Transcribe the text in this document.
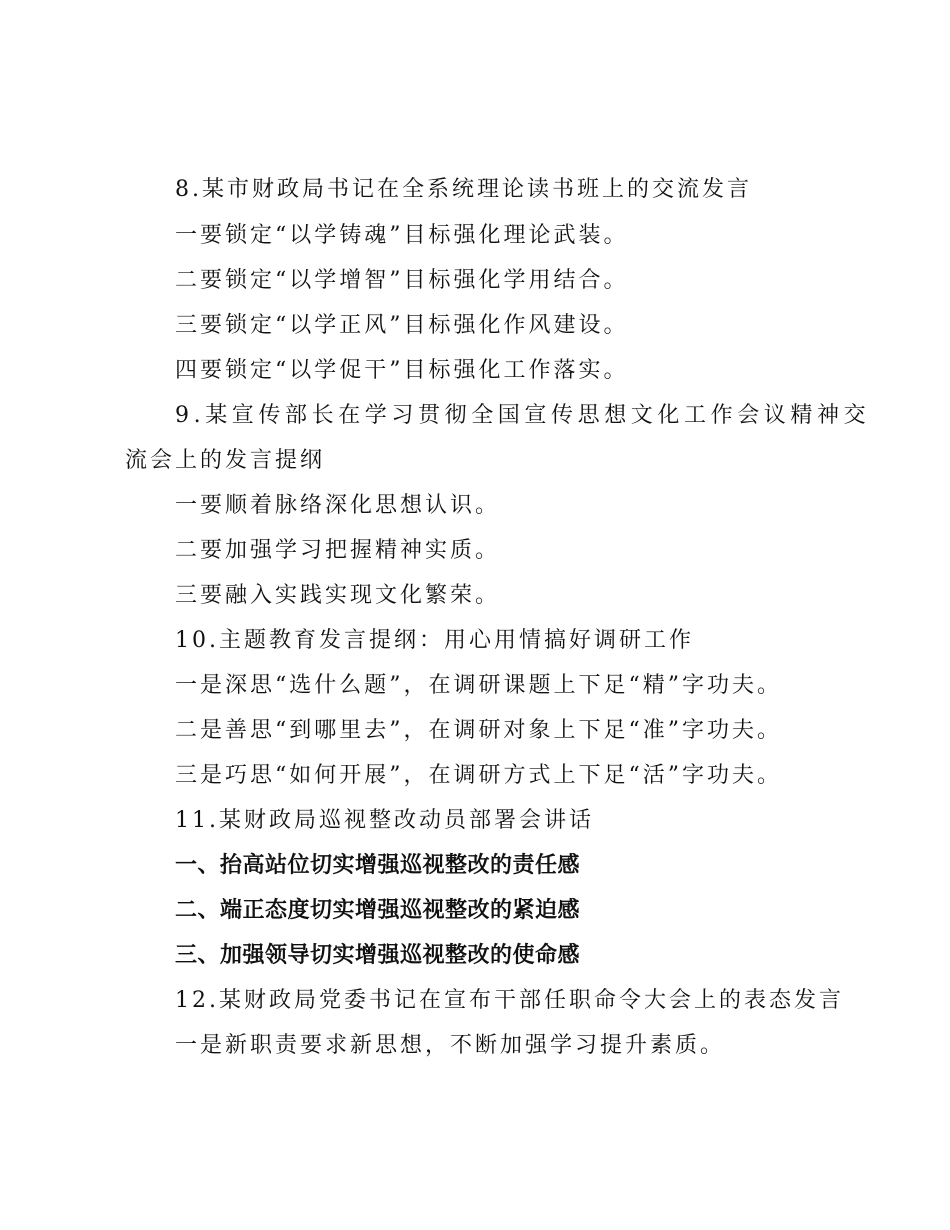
8.某市财政局书记在全系统理论读书班上的交流发言
一要锁定“以学铸魂”目标强化理论武装。
二要锁定“以学增智”目标强化学用结合。
三要锁定“以学正风”目标强化作风建设。
四要锁定“以学促干”目标强化工作落实。
9.某宣传部长在学习贯彻全国宣传思想文化工作会议精神交
流会上的发言提纲
一要顺着脉络深化思想认识。
二要加强学习把握精神实质。
三要融入实践实现文化繁荣。
10.主题教育发言提纲：用心用情搞好调研工作
一是深思“选什么题”，在调研课题上下足“精”字功夫。
二是善思“到哪里去”，在调研对象上下足“准”字功夫。
三是巧思“如何开展”，在调研方式上下足“活”字功夫。
11.某财政局巡视整改动员部署会讲话
一、抬高站位切实增强巡视整改的责任感
二、端正态度切实增强巡视整改的紧迫感
三、加强领导切实增强巡视整改的使命感
12.某财政局党委书记在宣布干部任职命令大会上的表态发言
一是新职责要求新思想，不断加强学习提升素质。
